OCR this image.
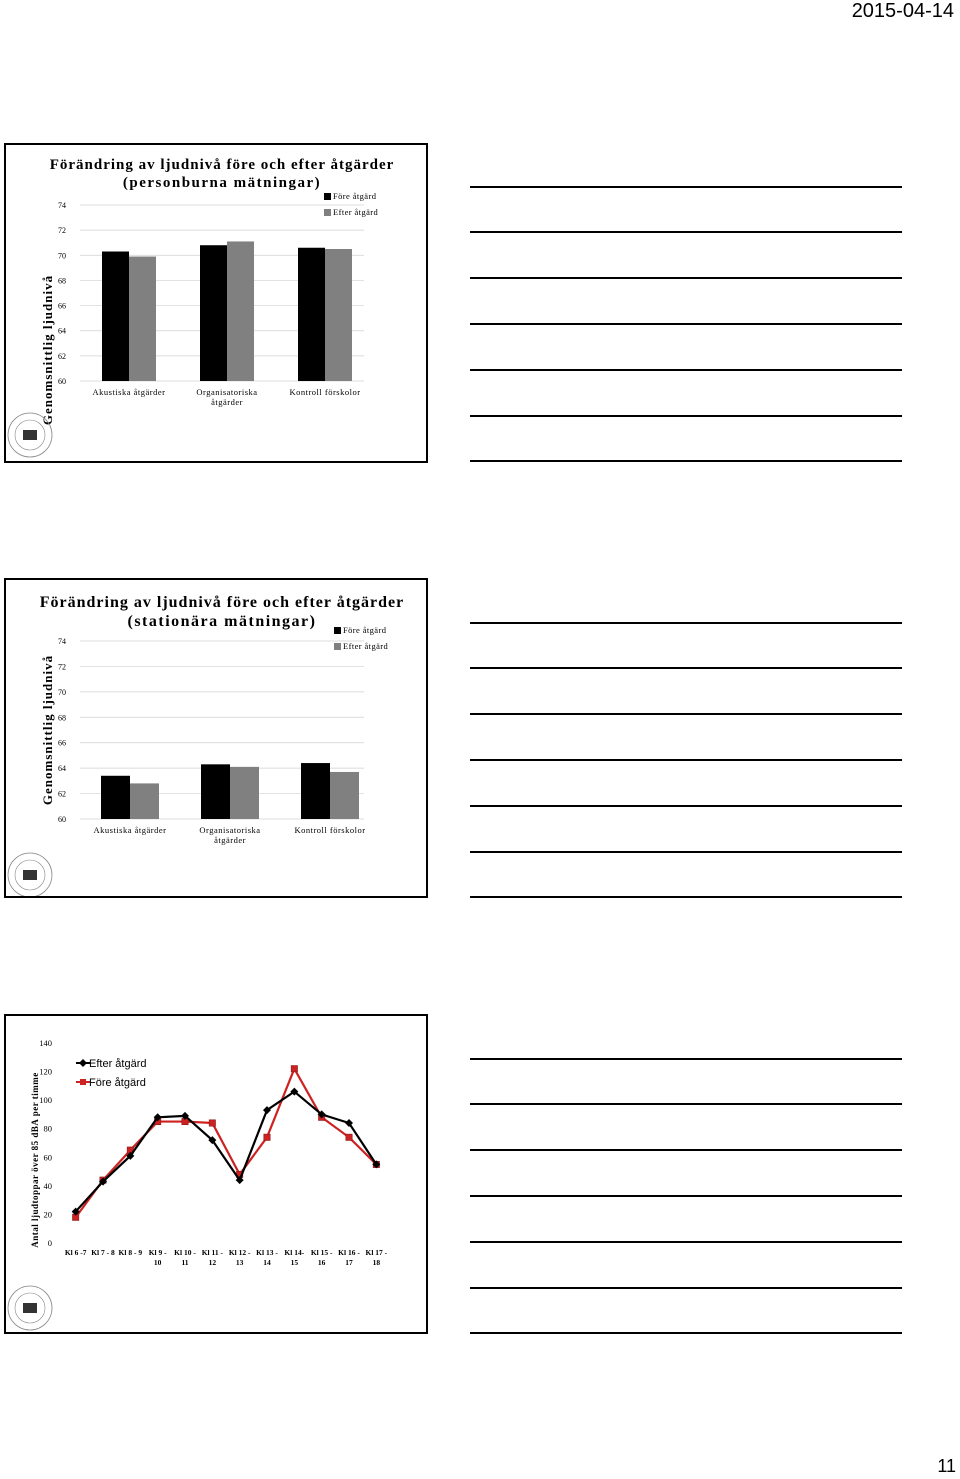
2015-04-14
Förändring av ljudnivå före och efter åtgärder
(personburna mätningar)
Genomsnittlig ljudnivå 60
62
64
66
68
70
72
74
Akustiska åtgärder	Organisatoriska
åtgärder
Kontroll förskolor
Före åtgärd
Efter åtgärd
Förändring av ljudnivå före och efter åtgärder
(stationära mätningar)
Genomsnittlig ljudnivå
60
62
64
66
68
70
72
74
Akustiska åtgärder	Organisatoriska
åtgärder
Kontroll förskolor
Före åtgärd
Efter åtgärd
Antal ljudtoppar över 85 dBA per timme 0
20
40
60
80
100
120
140
Kl 6 -7 Kl 7 - 8 Kl 8 - 9 Kl 9 -
10
Kl 10 -
11
Kl 11 -
12
Kl 12 -
13
Kl 13 -
14
Kl 14-
15
Kl 15 -
16
Kl 16 -
17
Kl 17 -
18
Efter åtgärd
Före åtgärd
11
